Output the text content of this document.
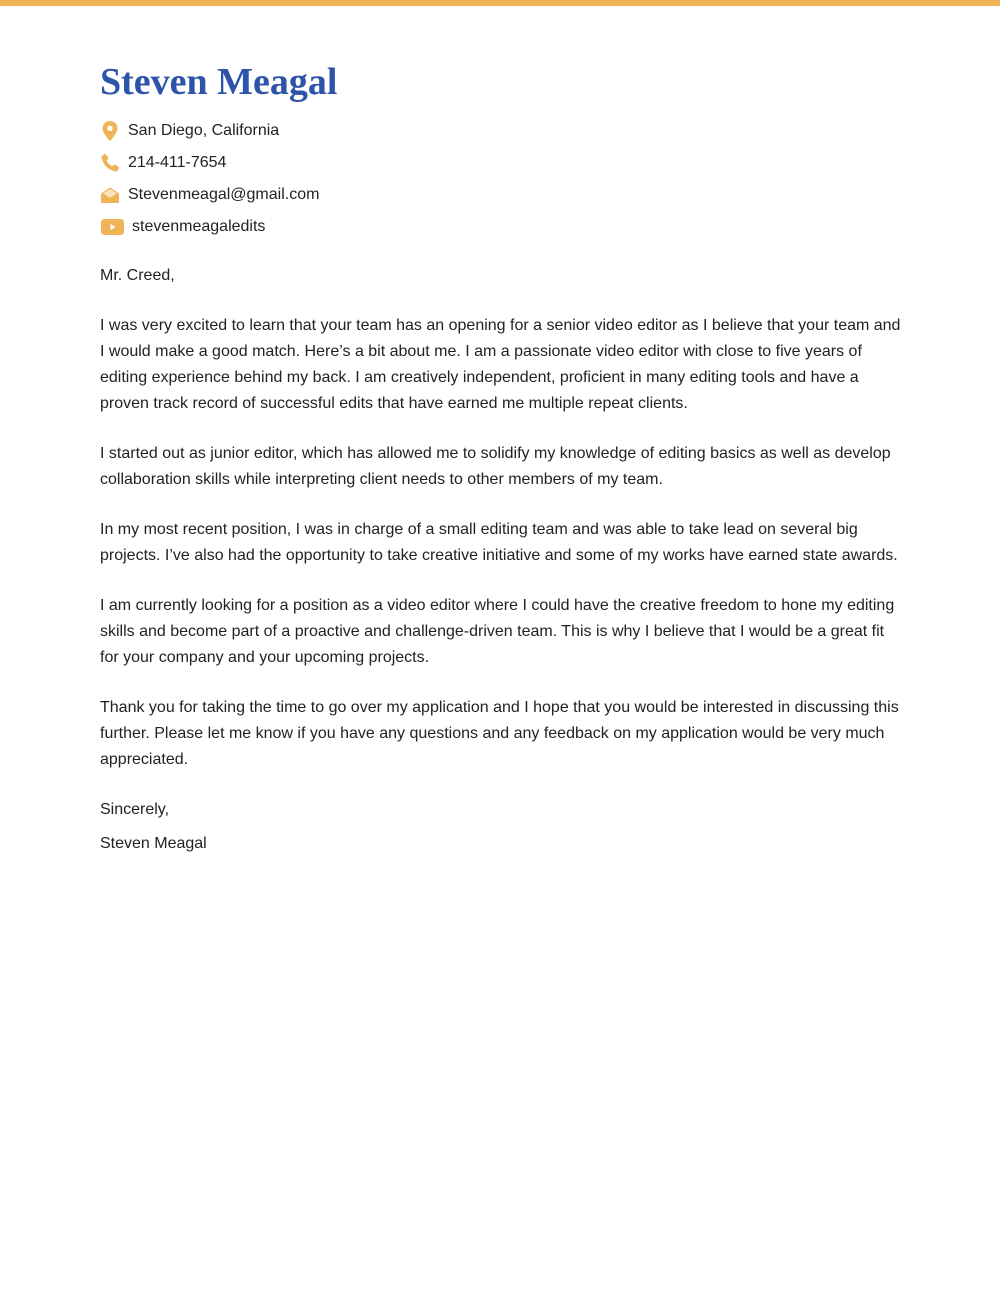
Steven Meagal
San Diego, California
214-411-7654
Stevenmeagal@gmail.com
stevenmeagaledits
Mr. Creed,

I was very excited to learn that your team has an opening for a senior video editor as I believe that your team and I would make a good match. Here’s a bit about me. I am a passionate video editor with close to five years of editing experience behind my back. I am creatively independent, proficient in many editing tools and have a proven track record of successful edits that have earned me multiple repeat clients.

I started out as junior editor, which has allowed me to solidify my knowledge of editing basics as well as develop collaboration skills while interpreting client needs to other members of my team.

In my most recent position, I was in charge of a small editing team and was able to take lead on several big projects. I’ve also had the opportunity to take creative initiative and some of my works have earned state awards.

I am currently looking for a position as a video editor where I could have the creative freedom to hone my editing skills and become part of a proactive and challenge-driven team. This is why I believe that I would be a great fit for your company and your upcoming projects.

Thank you for taking the time to go over my application and I hope that you would be interested in discussing this further. Please let me know if you have any questions and any feedback on my application would be very much appreciated.

Sincerely,
Steven Meagal
